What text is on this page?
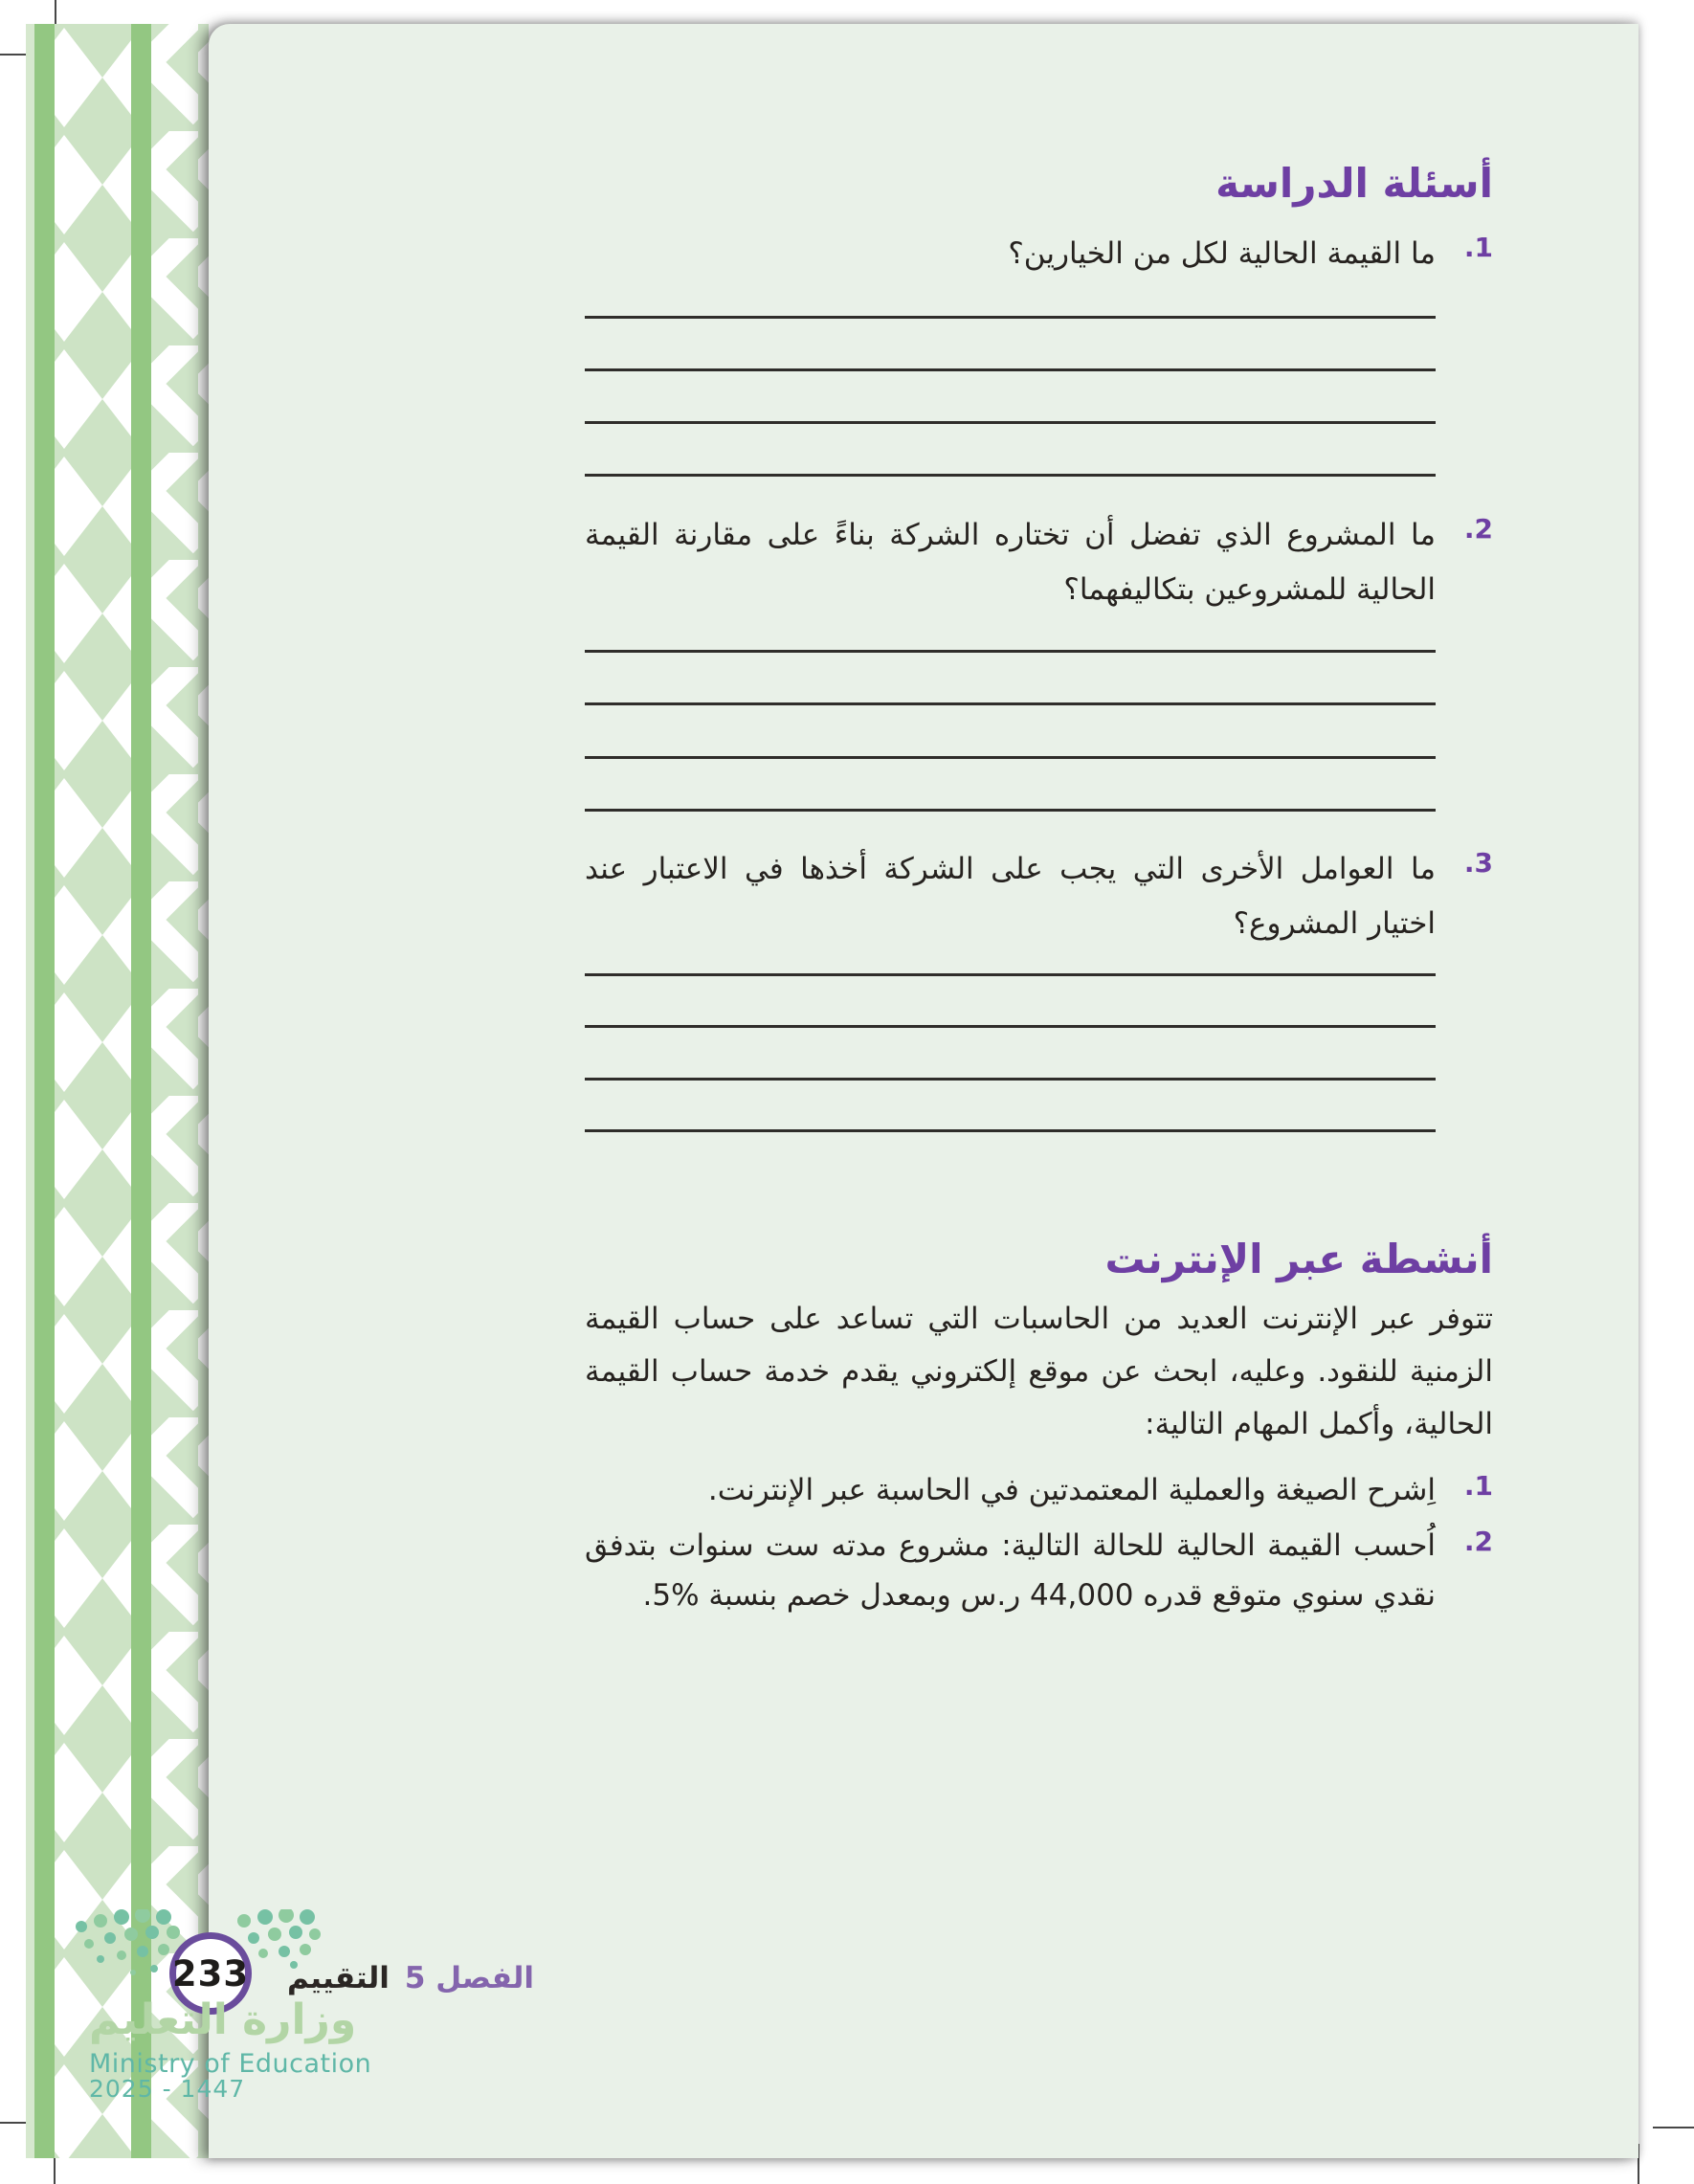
أسئلة الدراسة
1.

ما القيمة الحالية لكل من الخيارين؟

2.

ما المشروع الذي تفضل أن تختاره الشركة بناءً على مقارنة القيمة الحالية للمشروعين بتكاليفهما؟

3.

ما العوامل الأخرى التي يجب على الشركة أخذها في الاعتبار عند اختيار المشروع؟

أنشطة عبر الإنترنت

تتوفر عبر الإنترنت العديد من الحاسبات التي تساعد على حساب القيمة الزمنية للنقود. وعليه، ابحث عن موقع إلكتروني يقدم خدمة حساب القيمة الحالية، وأكمل المهام التالية:

1.

اِشرح الصيغة والعملية المعتمدتين في الحاسبة عبر الإنترنت.

2.

اُحسب القيمة الحالية للحالة التالية: مشروع مدته ست سنوات بتدفق نقدي سنوي متوقع قدره 44,000 ر.س وبمعدل خصم بنسبة %5.

233	الفصل 5التقييم
وزارة التعليم
Ministry of Education
2025 - 1447
